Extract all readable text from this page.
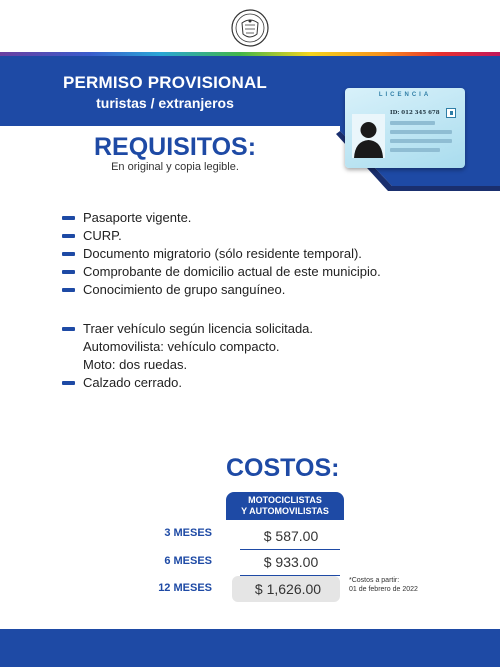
PERMISO PROVISIONAL
turistas / extranjeros	LICENCIA
ID: 012 345 678
REQUISITOS:
En original y copia legible.
Pasaporte vigente.
CURP.
Documento migratorio (sólo residente temporal).
Comprobante de domicilio actual de este municipio.
Conocimiento de grupo sanguíneo.
Traer vehículo según licencia solicitada.
Automovilista: vehículo compacto.
Moto: dos ruedas.
Calzado cerrado.
COSTOS:
MOTOCICLISTAS
Y AUTOMOVILISTAS
3 MESES	$ 587.00
6 MESES	$ 933.00
12 MESES	$ 1,626.00
*Costos a partir:
01 de febrero de 2022
